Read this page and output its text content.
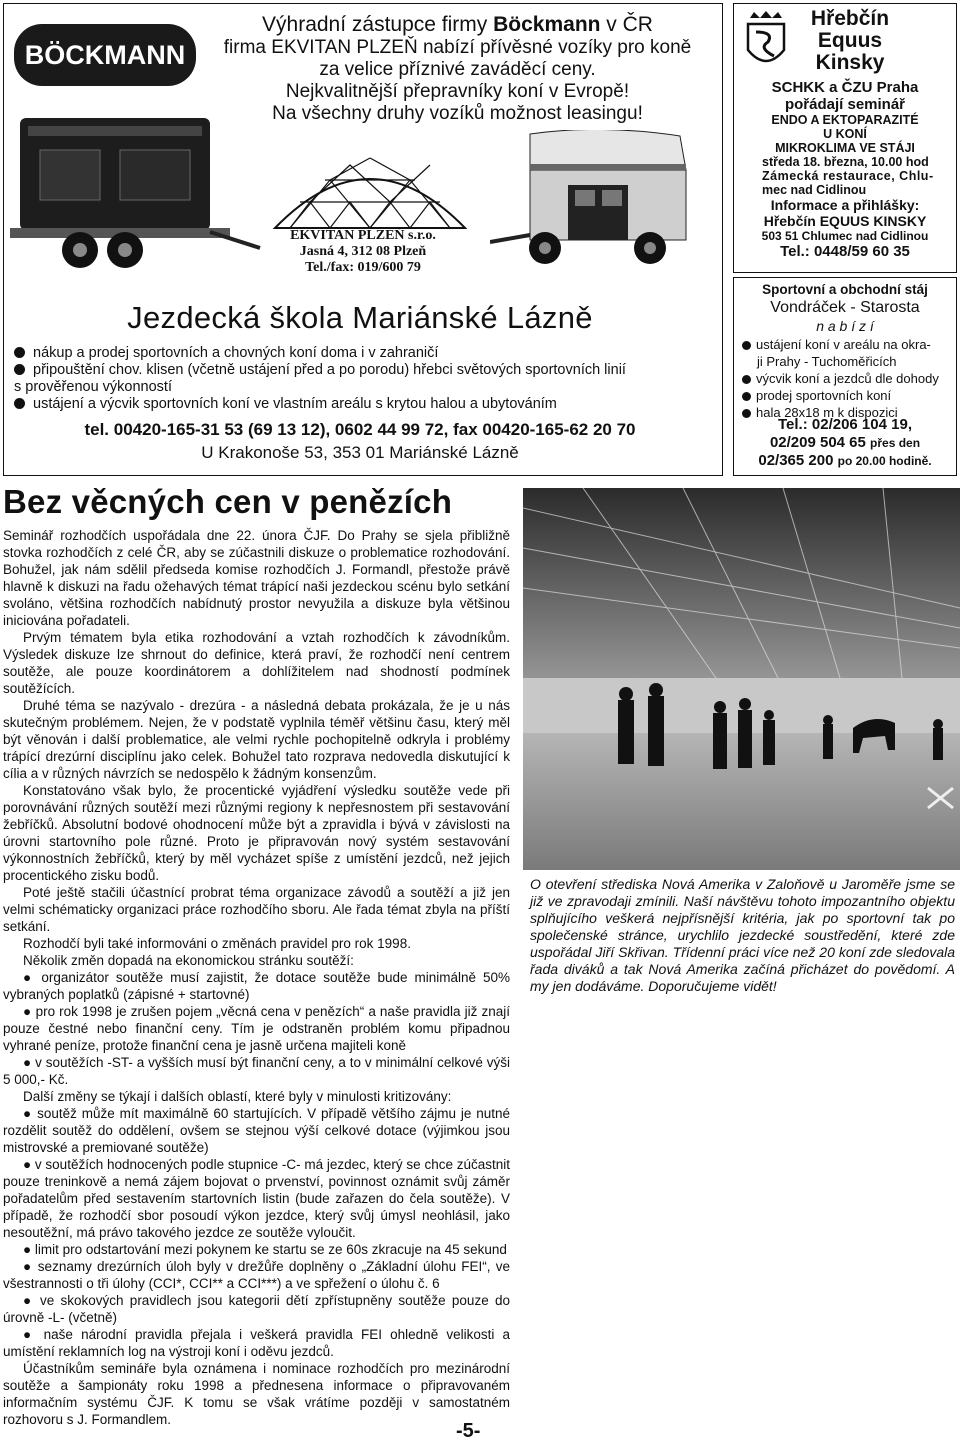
BÖCKMANN
Výhradní zástupce firmy Böckmann v ČR
firma EKVITAN PLZEŇ nabízí přívěsné vozíky pro koně
za velice příznivé zaváděcí ceny.
Nejkvalitnější přepravníky koní v Evropě!
Na všechny druhy vozíků možnost leasingu!
EKVITAN PLZEŇ s.r.o.
Jasná 4, 312 08 Plzeň
Tel./fax: 019/600 79
Jezdecká škola Mariánské Lázně
nákup a prodej sportovních a chovných koní doma i v zahraničí
připouštění chov. klisen (včetně ustájení před a po porodu) hřebci světových sportovních linií
s prověřenou výkonností
ustájení a výcvik sportovních koní ve vlastním areálu s krytou halou a ubytováním
tel. 00420-165-31 53 (69 13 12), 0602 44 99 72, fax 00420-165-62 20 70
U Krakonoše 53, 353 01 Mariánské Lázně
Hřebčín
Equus
Kinsky
SCHKK a ČZU Praha
pořádají seminář
ENDO A EKTOPARAZITÉ
U KONÍ
MIKROKLIMA VE STÁJI
středa 18. března, 10.00 hod
Zámecká restaurace, Chlu-
mec nad Cidlinou
Informace a přihlášky:
Hřebčín EQUUS KINSKY
503 51 Chlumec nad Cidlinou
Tel.: 0448/59 60 35
Sportovní a obchodní stáj
Vondráček - Starosta
n a b í z í
ustájení koní v areálu na okra-
ji Prahy - Tuchoměřicích
výcvik koní a jezdců dle dohody
prodej sportovních koní
hala 28x18 m k dispozici
Tel.: 02/206 104 19,
02/209 504 65 přes den
02/365 200 po 20.00 hodině.
Bez věcných cen v penězích

Seminář rozhodčích uspořádala dne 22. února ČJF. Do Prahy se sjela přibližně stovka rozhodčích z celé ČR, aby se zúčastnili diskuze o problematice rozhodování. Bohužel, jak nám sdělil předseda komise rozhodčích J. Formandl, přestože právě hlavně k diskuzi na řadu ožehavých témat trápící naši jezdeckou scénu bylo setkání svoláno, většina rozhodčích nabídnutý prostor nevyužila a diskuze byla většinou iniciována pořadateli.

Prvým tématem byla etika rozhodování a vztah rozhodčích k závodníkům. Výsledek diskuze lze shrnout do definice, která praví, že rozhodčí není centrem soutěže, ale pouze koordinátorem a dohlížitelem nad shodností podmínek soutěžících.

Druhé téma se nazývalo - drezúra - a následná debata prokázala, že je u nás skutečným problémem. Nejen, že v podstatě vyplnila téměř většinu času, který měl být věnován i další problematice, ale velmi rychle pochopitelně odkryla i problémy trápící drezúrní disciplínu jako celek. Bohužel tato rozprava nedovedla diskutující k cília a v různých návrzích se nedospělo k žádným konsenzům.

Konstatováno však bylo, že procentické vyjádření výsledku soutěže vede při porovnávání různých soutěží mezi různými regiony k nepřesnostem při sestavování žebříčků. Absolutní bodové ohodnocení může být a zpravidla i bývá v závislosti na úrovni startovního pole různé. Proto je připravován nový systém sestavování výkonnostních žebříčků, který by měl vycházet spíše z umístění jezdců, než jejich procentického zisku bodů.

Poté ještě stačili účastnící probrat téma organizace závodů a soutěží a již jen velmi schématicky organizaci práce rozhodčího sboru. Ale řada témat zbyla na příští setkání.

Rozhodčí byli také informováni o změnách pravidel pro rok 1998.

Několik změn dopadá na ekonomickou stránku soutěží:

● organizátor soutěže musí zajistit, že dotace soutěže bude minimálně 50% vybraných poplatků (zápisné + startovné)

● pro rok 1998 je zrušen pojem „věcná cena v penězích“ a naše pravidla již znají pouze čestné nebo finanční ceny. Tím je odstraněn problém komu připadnou vyhrané peníze, protože finanční cena je jasně určena majiteli koně

● v soutěžích -ST- a vyšších musí být finanční ceny, a to v minimální celkové výši 5 000,- Kč.

Další změny se týkají i dalších oblastí, které byly v minulosti kritizovány:

● soutěž může mít maximálně 60 startujících. V případě většího zájmu je nutné rozdělit soutěž do oddělení, ovšem se stejnou výší celkové dotace (výjimkou jsou mistrovské a premiované soutěže)

● v soutěžích hodnocených podle stupnice -C- má jezdec, který se chce zúčastnit pouze treninkově a nemá zájem bojovat o prvenství, povinnost oznámit svůj záměr pořadatelům před sestavením startovních listin (bude zařazen do čela soutěže). V případě, že rozhodčí sbor posoudí výkon jezdce, který svůj úmysl neohlásil, jako nesoutěžní, má právo takového jezdce ze soutěže vyloučit.

● limit pro odstartování mezi pokynem ke startu se ze 60s zkracuje na 45 sekund

● seznamy drezúrních úloh byly v drežůře doplněny o „Základní úlohu FEI“, ve všestrannosti o tři úlohy (CCI*, CCI** a CCI***) a ve spřežení o úlohu č. 6

● ve skokových pravidlech jsou kategorii dětí zpřístupněny soutěže pouze do úrovně -L- (včetně)

● naše národní pravidla přejala i veškerá pravidla FEI ohledně velikosti a umístění reklamních log na výstroji koní i oděvu jezdců.

Účastníkům semináře byla oznámena i nominace rozhodčích pro mezinárodní soutěže a šampionáty roku 1998 a přednesena informace o připravovaném informačním systému ČJF. K tomu se však vrátíme později v samostatném rozhovoru s J. Formandlem.

O otevření střediska Nová Amerika v Zaloňově u Jaroměře jsme se již ve zpravodaji zmínili. Naší návštěvu tohoto impozantního objektu splňujícího veškerá nejpřísnější kritéria, jak po sportovní tak po společenské stránce, urychlilo jezdecké soustředění, které zde uspořádal Jiří Skřivan. Třídenní práci více než 20 koní zde sledovala řada diváků a tak Nová Amerika začíná přicházet do povědomí. A my jen dodáváme. Doporučujeme vidět!
-5-
